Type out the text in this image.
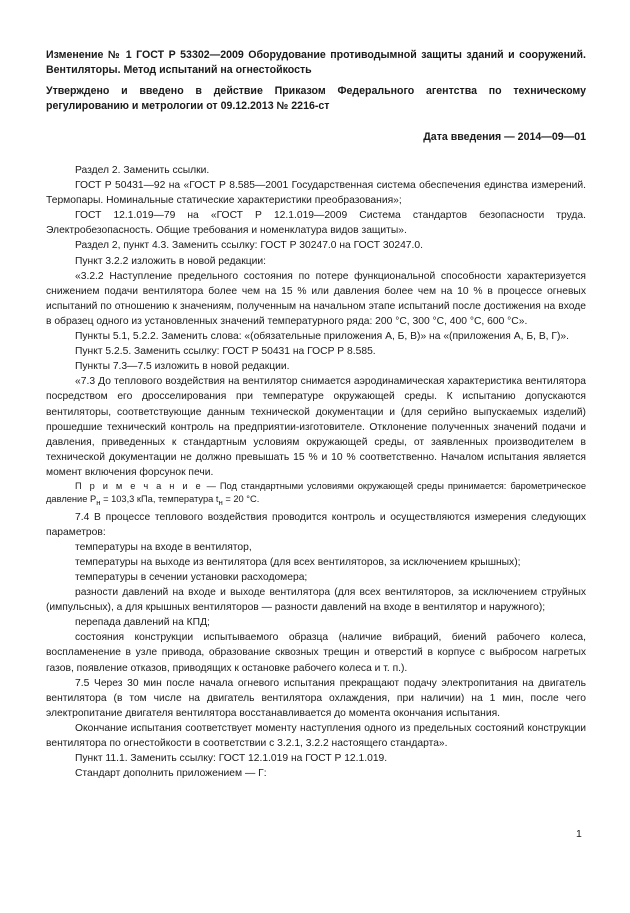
Изменение № 1 ГОСТ Р 53302—2009 Оборудование противодымной защиты зданий и сооружений. Вентиляторы. Метод испытаний на огнестойкость

Утверждено и введено в действие Приказом Федерального агентства по техническому регулированию и метрологии от 09.12.2013 № 2216-ст

Дата введения — 2014—09—01

Раздел 2. Заменить ссылки.

ГОСТ Р 50431—92 на «ГОСТ Р 8.585—2001 Государственная система обеспечения единства измерений. Термопары. Номинальные статические характеристики преобразования»;

ГОСТ 12.1.019—79 на «ГОСТ Р 12.1.019—2009 Система стандартов безопасности труда. Электробезопасность. Общие требования и номенклатура видов защиты».

Раздел 2, пункт 4.3. Заменить ссылку: ГОСТ Р 30247.0 на ГОСТ 30247.0.

Пункт 3.2.2 изложить в новой редакции:

«3.2.2 Наступление предельного состояния по потере функциональной способности характеризуется снижением подачи вентилятора более чем на 15 % или давления более чем на 10 % в процессе огневых испытаний по отношению к значениям, полученным на начальном этапе испытаний после достижения на входе в образец одного из установленных значений температурного ряда: 200 °С, 300 °С, 400 °С, 600 °С».

Пункты 5.1, 5.2.2. Заменить слова: «(обязательные приложения А, Б, В)» на «(приложения А, Б, В, Г)».

Пункт 5.2.5. Заменить ссылку: ГОСТ Р 50431 на ГОСР Р 8.585.

Пункты 7.3—7.5 изложить в новой редакции.

«7.3 До теплового воздействия на вентилятор снимается аэродинамическая характеристика вентилятора посредством его дросселирования при температуре окружающей среды. К испытанию допускаются вентиляторы, соответствующие данным технической документации и (для серийно выпускаемых изделий) прошедшие технический контроль на предприятии-изготовителе. Отклонение полученных значений подачи и давления, приведенных к стандартным условиям окружающей среды, от заявленных производителем в технической документации не должно превышать 15 % и 10 % соответственно. Началом испытания является момент включения форсунок печи.

П р и м е ч а н и е — Под стандартными условиями окружающей среды принимается: барометрическое давление $P_н = 103,3$ кПа, температура $t_н = 20$ °С.

7.4 В процессе теплового воздействия проводится контроль и осуществляются измерения следующих параметров:

температуры на входе в вентилятор,

температуры на выходе из вентилятора (для всех вентиляторов, за исключением крышных);

температуры в сечении установки расходомера;

разности давлений на входе и выходе вентилятора (для всех вентиляторов, за исключением струйных (импульсных), а для крышных вентиляторов — разности давлений на входе в вентилятор и наружного);

перепада давлений на КПД;

состояния конструкции испытываемого образца (наличие вибраций, биений рабочего колеса, воспламенение в узле привода, образование сквозных трещин и отверстий в корпусе с выбросом нагретых газов, появление отказов, приводящих к остановке рабочего колеса и т. п.).

7.5 Через 30 мин после начала огневого испытания прекращают подачу электропитания на двигатель вентилятора (в том числе на двигатель вентилятора охлаждения, при наличии) на 1 мин, после чего электропитание двигателя вентилятора восстанавливается до момента окончания испытания.

Окончание испытания соответствует моменту наступления одного из предельных состояний конструкции вентилятора по огнестойкости в соответствии с 3.2.1, 3.2.2 настоящего стандарта».

Пункт 11.1. Заменить ссылку: ГОСТ 12.1.019 на ГОСТ Р 12.1.019.

Стандарт дополнить приложением — Г:

1
